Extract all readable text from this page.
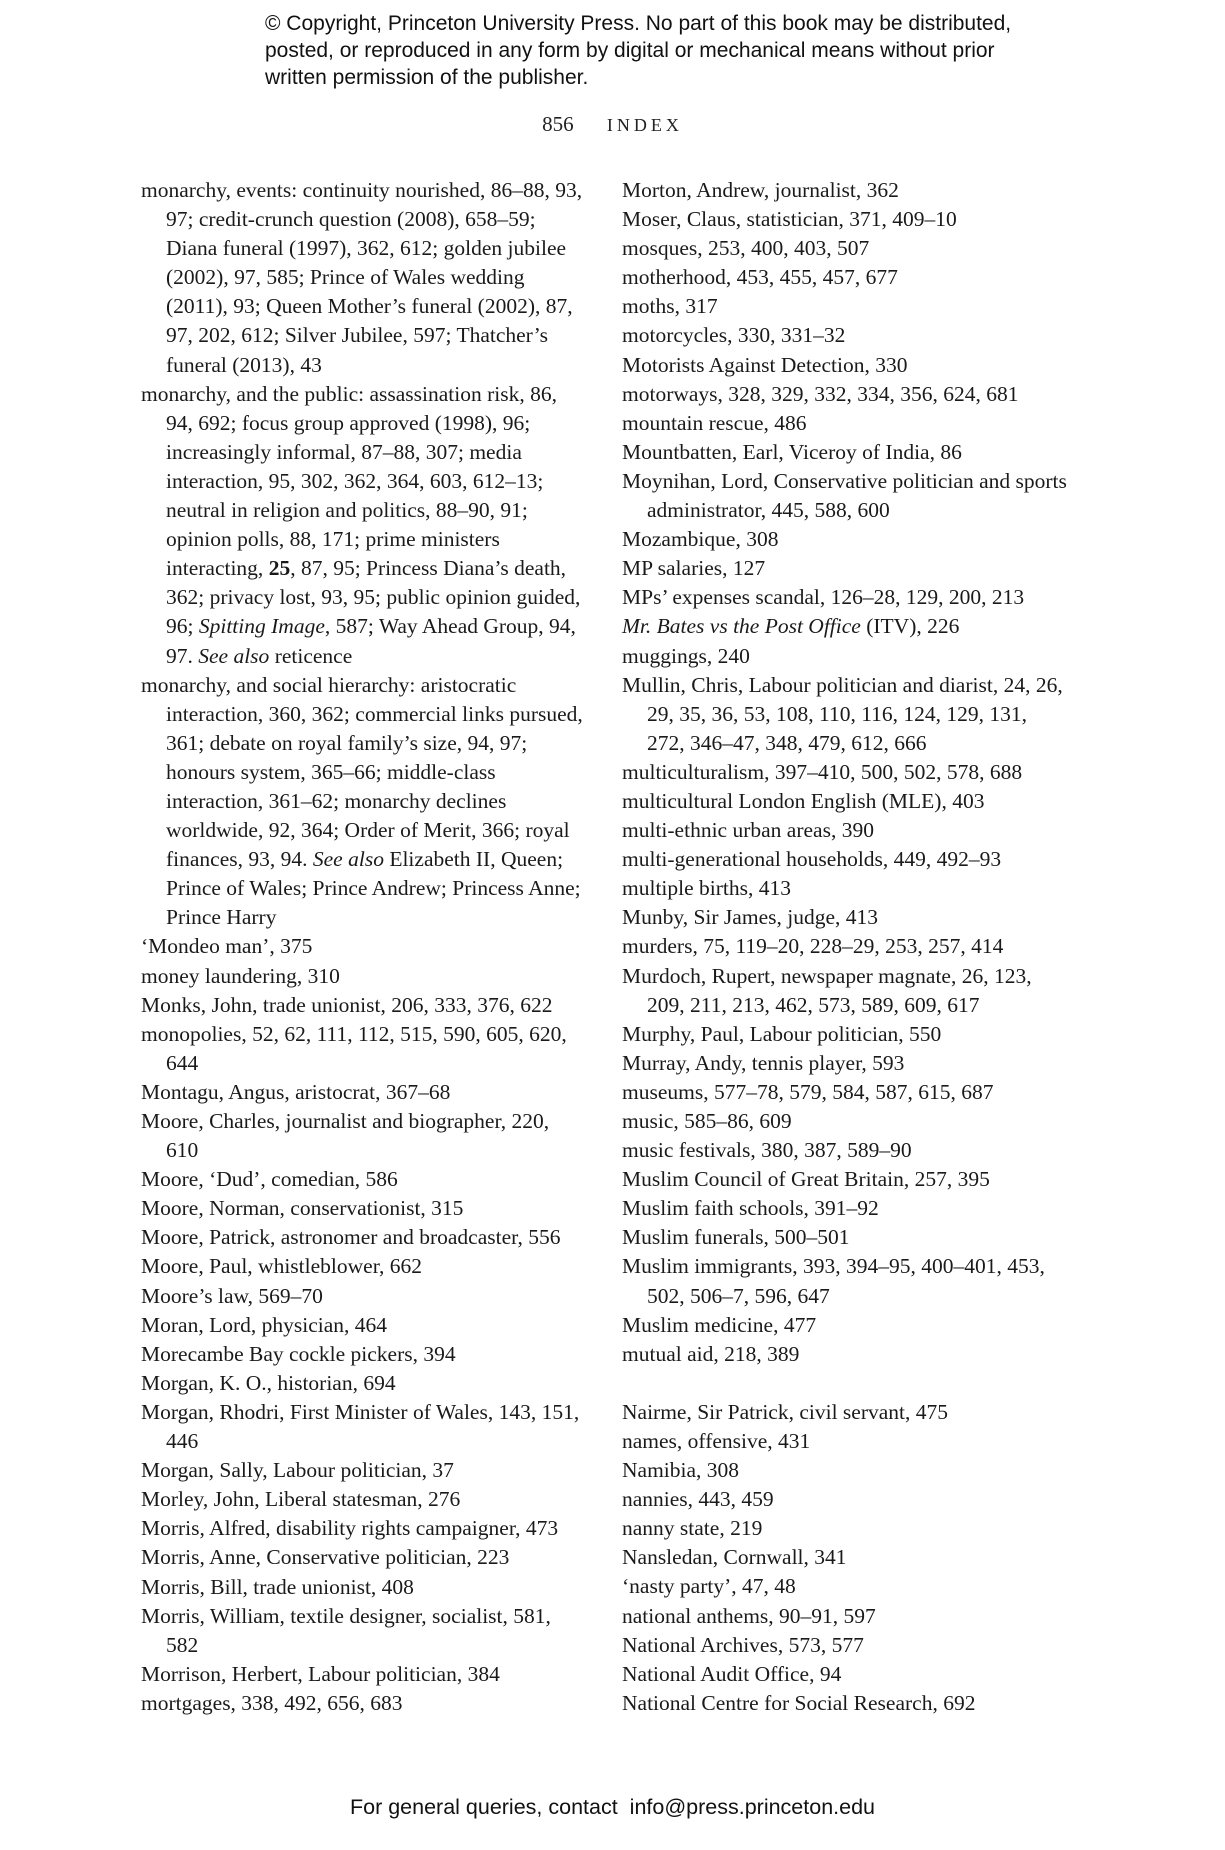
© Copyright, Princeton University Press. No part of this book may be distributed, posted, or reproduced in any form by digital or mechanical means without prior written permission of the publisher.
856 INDEX

monarchy, events: continuity nourished, 86–88, 93, 97; credit-crunch question (2008), 658–59; Diana funeral (1997), 362, 612; golden jubilee (2002), 97, 585; Prince of Wales wedding (2011), 93; Queen Mother’s funeral (2002), 87, 97, 202, 612; Silver Jubilee, 597; Thatcher’s funeral (2013), 43

monarchy, and the public: assassination risk, 86, 94, 692; focus group approved (1998), 96; increasingly informal, 87–88, 307; media interaction, 95, 302, 362, 364, 603, 612–13; neutral in religion and politics, 88–90, 91; opinion polls, 88, 171; prime ministers interacting, 25, 87, 95; Princess Diana’s death, 362; privacy lost, 93, 95; public opinion guided, 96; Spitting Image, 587; Way Ahead Group, 94, 97. See also reticence

monarchy, and social hierarchy: aristocratic interaction, 360, 362; commercial links pursued, 361; debate on royal family’s size, 94, 97; honours system, 365–66; middle-class interaction, 361–62; monarchy declines worldwide, 92, 364; Order of Merit, 366; royal finances, 93, 94. See also Elizabeth II, Queen; Prince of Wales; Prince Andrew; Princess Anne; Prince Harry

‘Mondeo man’, 375

money laundering, 310

Monks, John, trade unionist, 206, 333, 376, 622

monopolies, 52, 62, 111, 112, 515, 590, 605, 620, 644

Montagu, Angus, aristocrat, 367–68

Moore, Charles, journalist and biographer, 220, 610

Moore, ‘Dud’, comedian, 586

Moore, Norman, conservationist, 315

Moore, Patrick, astronomer and broadcaster, 556

Moore, Paul, whistleblower, 662

Moore’s law, 569–70

Moran, Lord, physician, 464

Morecambe Bay cockle pickers, 394

Morgan, K. O., historian, 694

Morgan, Rhodri, First Minister of Wales, 143, 151, 446

Morgan, Sally, Labour politician, 37

Morley, John, Liberal statesman, 276

Morris, Alfred, disability rights campaigner, 473

Morris, Anne, Conservative politician, 223

Morris, Bill, trade unionist, 408

Morris, William, textile designer, socialist, 581, 582

Morrison, Herbert, Labour politician, 384

mortgages, 338, 492, 656, 683

Morton, Andrew, journalist, 362

Moser, Claus, statistician, 371, 409–10

mosques, 253, 400, 403, 507

motherhood, 453, 455, 457, 677

moths, 317

motorcycles, 330, 331–32

Motorists Against Detection, 330

motorways, 328, 329, 332, 334, 356, 624, 681

mountain rescue, 486

Mountbatten, Earl, Viceroy of India, 86

Moynihan, Lord, Conservative politician and sports administrator, 445, 588, 600

Mozambique, 308

MP salaries, 127

MPs’ expenses scandal, 126–28, 129, 200, 213

Mr. Bates vs the Post Office (ITV), 226

muggings, 240

Mullin, Chris, Labour politician and diarist, 24, 26, 29, 35, 36, 53, 108, 110, 116, 124, 129, 131, 272, 346–47, 348, 479, 612, 666

multiculturalism, 397–410, 500, 502, 578, 688

multicultural London English (MLE), 403

multi-ethnic urban areas, 390

multi-generational households, 449, 492–93

multiple births, 413

Munby, Sir James, judge, 413

murders, 75, 119–20, 228–29, 253, 257, 414

Murdoch, Rupert, newspaper magnate, 26, 123, 209, 211, 213, 462, 573, 589, 609, 617

Murphy, Paul, Labour politician, 550

Murray, Andy, tennis player, 593

museums, 577–78, 579, 584, 587, 615, 687

music, 585–86, 609

music festivals, 380, 387, 589–90

Muslim Council of Great Britain, 257, 395

Muslim faith schools, 391–92

Muslim funerals, 500–501

Muslim immigrants, 393, 394–95, 400–401, 453, 502, 506–7, 596, 647

Muslim medicine, 477

mutual aid, 218, 389

Nairme, Sir Patrick, civil servant, 475

names, offensive, 431

Namibia, 308

nannies, 443, 459

nanny state, 219

Nansledan, Cornwall, 341

‘nasty party’, 47, 48

national anthems, 90–91, 597

National Archives, 573, 577

National Audit Office, 94

National Centre for Social Research, 692

For general queries, contact info@press.princeton.edu
